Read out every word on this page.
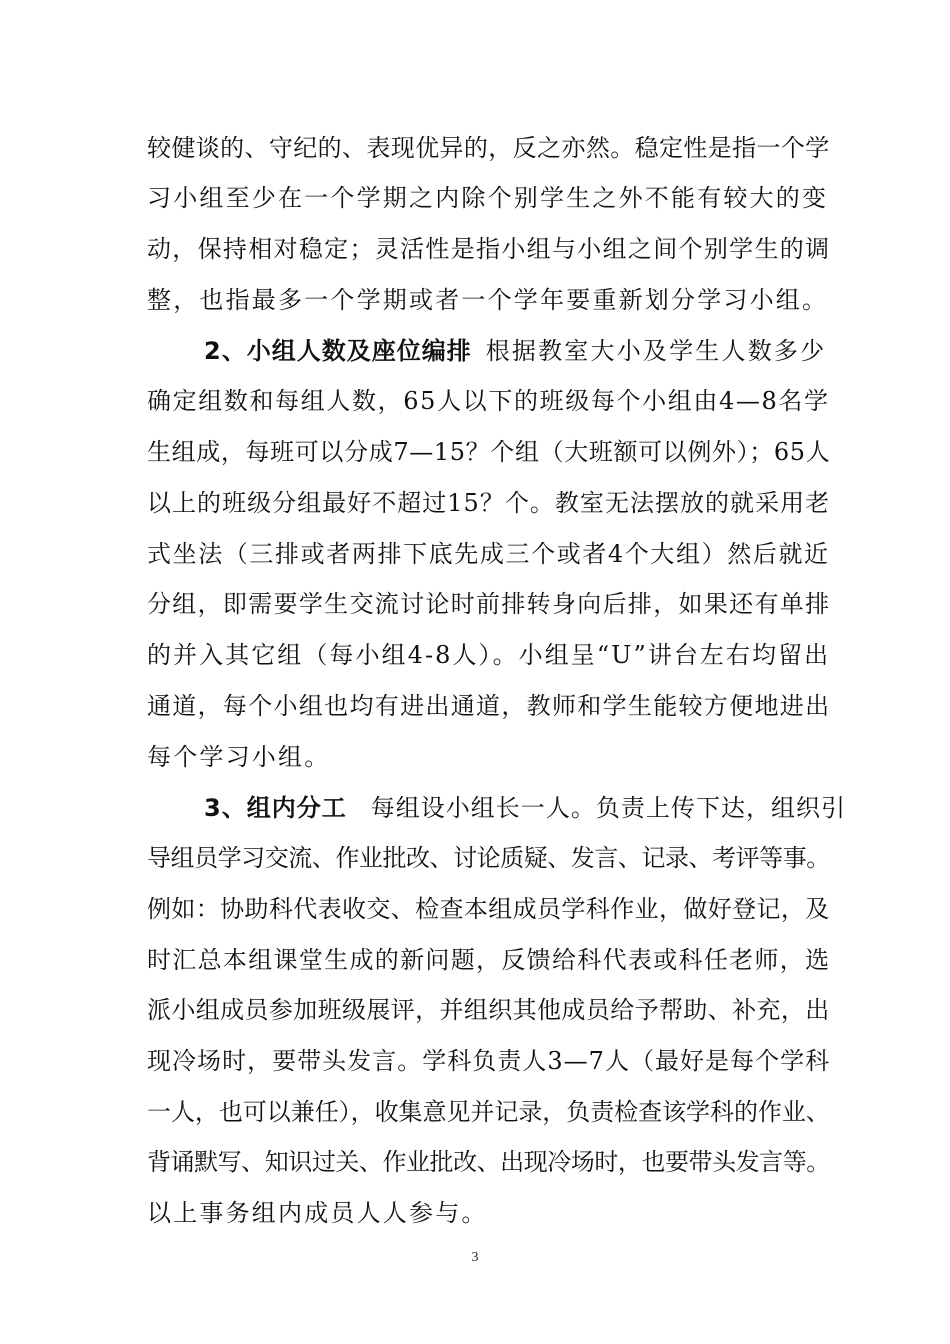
较健谈的、守纪的、表现优异的，反之亦然。稳定性是指一个学
习小组至少在一个学期之内除个别学生之外不能有较大的变
动，保持相对稳定；灵活性是指小组与小组之间个别学生的调
整，也指最多一个学期或者一个学年要重新划分学习小组。
2、小组人数及座位编排 根据教室大小及学生人数多少
确定组数和每组人数，65人以下的班级每个小组由4—8名学
生组成，每班可以分成7—15？个组（大班额可以例外）；65人
以上的班级分组最好不超过15？个。教室无法摆放的就采用老
式坐法（三排或者两排下底先成三个或者4个大组）然后就近
分组，即需要学生交流讨论时前排转身向后排，如果还有单排
的并入其它组（每小组4-8人）。小组呈“U”讲台左右均留出
通道，每个小组也均有进出通道，教师和学生能较方便地进出
每个学习小组。
3、组内分工 每组设小组长一人。负责上传下达，组织引
导组员学习交流、作业批改、讨论质疑、发言、记录、考评等事。
例如：协助科代表收交、检查本组成员学科作业，做好登记，及
时汇总本组课堂生成的新问题，反馈给科代表或科任老师，选
派小组成员参加班级展评，并组织其他成员给予帮助、补充，出
现冷场时，要带头发言。学科负责人3—7人（最好是每个学科
一人，也可以兼任），收集意见并记录，负责检查该学科的作业、
背诵默写、知识过关、作业批改、出现冷场时，也要带头发言等。
以上事务组内成员人人参与。
3
